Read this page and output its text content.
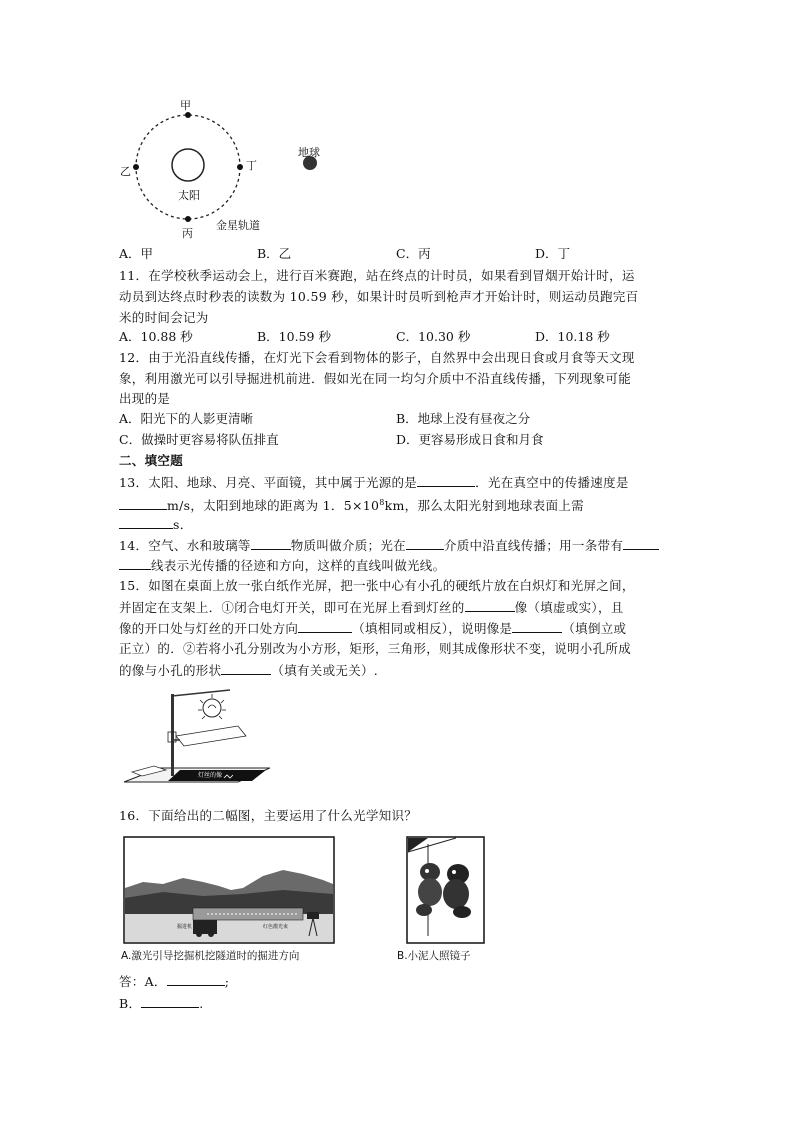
甲
乙	丁
丙
太阳
地球
金星轨道
A．甲	B．乙	C．丙	D．丁
11．在学校秋季运动会上，进行百米赛跑，站在终点的计时员，如果看到冒烟开始计时，运
动员到达终点时秒表的读数为 10.59 秒，如果计时员听到枪声才开始计时，则运动员跑完百
米的时间会记为
A．10.88 秒	B．10.59 秒	C．10.30 秒	D．10.18 秒
12．由于光沿直线传播，在灯光下会看到物体的影子，自然界中会出现日食或月食等天文现
象，利用激光可以引导掘进机前进．假如光在同一均匀介质中不沿直线传播，下列现象可能
出现的是
A．阳光下的人影更清晰	B．地球上没有昼夜之分
C．做操时更容易将队伍排直	D．更容易形成日食和月食
二、填空题
13．太阳、地球、月亮、平面镜，其中属于光源的是	．光在真空中的传播速度是
m/s，太阳到地球的距离为 1．$5\times 10^8km$，那么太阳光射到地球表面上需
s．
14．空气、水和玻璃等	物质叫做介质；光在	介质中沿直线传播；用一条带有
线表示光传播的径迹和方向，这样的直线叫做光线。
15．如图在桌面上放一张白纸作光屏，把一张中心有小孔的硬纸片放在白炽灯和光屏之间，
并固定在支架上．①闭合电灯开关，即可在光屏上看到灯丝的	像（填虚或实），且
像的开口处与灯丝的开口处方向	（填相同或相反），说明像是	（填倒立或
正立）的．②若将小孔分别改为小方形，矩形，三角形，则其成像形状不变，说明小孔所成
的像与小孔的形状	（填有关或无关）.
灯丝的像
16．下面给出的二幅图，主要运用了什么光学知识？
掘进机	红色激光束
A.激光引导挖掘机挖隧道时的掘进方向	B.小泥人照镜子
答：A．	;
B．	.
